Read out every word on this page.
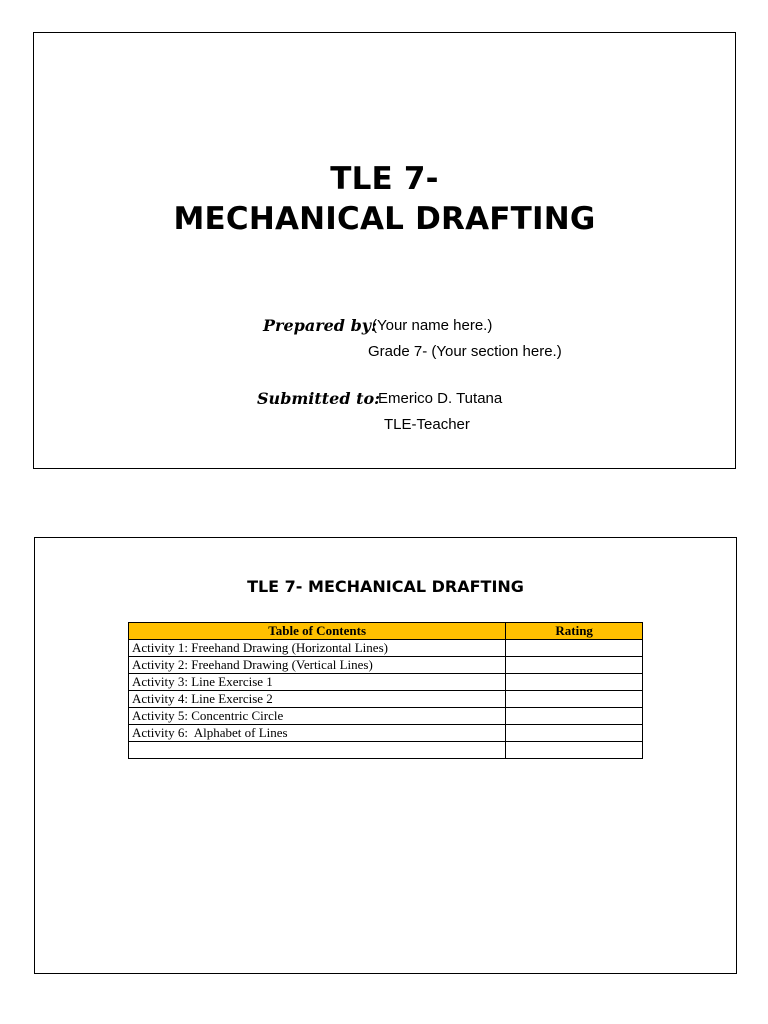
TLE 7-
MECHANICAL DRAFTING
Prepared by:
(Your name here.)
Grade 7- (Your section here.)
Submitted to:
Emerico D. Tutana
TLE-Teacher
TLE 7- MECHANICAL DRAFTING
Table of Contents	Rating
Activity 1: Freehand Drawing (Horizontal Lines)	
Activity 2: Freehand Drawing (Vertical Lines)	
Activity 3: Line Exercise 1	
Activity 4: Line Exercise 2	
Activity 5: Concentric Circle	
Activity 6:  Alphabet of Lines	
